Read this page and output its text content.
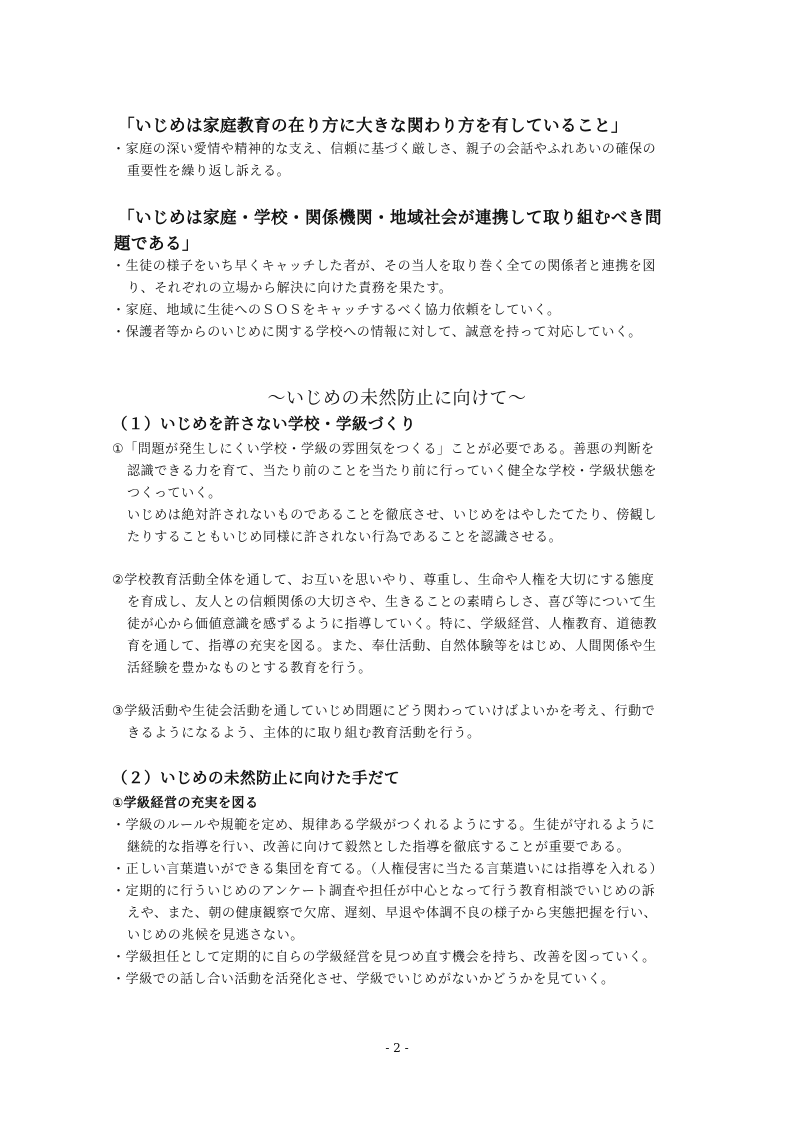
「いじめは家庭教育の在り方に大きな関わり方を有していること」
・家庭の深い愛情や精神的な支え、信頼に基づく厳しさ、親子の会話やふれあいの確保の
重要性を繰り返し訴える。
「いじめは家庭・学校・関係機関・地域社会が連携して取り組むべき問
題である」
・生徒の様子をいち早くキャッチした者が、その当人を取り巻く全ての関係者と連携を図
り、それぞれの立場から解決に向けた責務を果たす。
・家庭、地域に生徒へのＳＯＳをキャッチするべく協力依頼をしていく。
・保護者等からのいじめに関する学校への情報に対して、誠意を持って対応していく。
～いじめの未然防止に向けて～
（１）いじめを許さない学校・学級づくり
①「問題が発生しにくい学校・学級の雰囲気をつくる」ことが必要である。善悪の判断を
認識できる力を育て、当たり前のことを当たり前に行っていく健全な学校・学級状態を
つくっていく。
いじめは絶対許されないものであることを徹底させ、いじめをはやしたてたり、傍観し
たりすることもいじめ同様に許されない行為であることを認識させる。
②学校教育活動全体を通して、お互いを思いやり、尊重し、生命や人権を大切にする態度
を育成し、友人との信頼関係の大切さや、生きることの素晴らしさ、喜び等について生
徒が心から価値意識を感ずるように指導していく。特に、学級経営、人権教育、道徳教
育を通して、指導の充実を図る。また、奉仕活動、自然体験等をはじめ、人間関係や生
活経験を豊かなものとする教育を行う。
③学級活動や生徒会活動を通していじめ問題にどう関わっていけばよいかを考え、行動で
きるようになるよう、主体的に取り組む教育活動を行う。
（２）いじめの未然防止に向けた手だて
①学級経営の充実を図る
・学級のルールや規範を定め、規律ある学級がつくれるようにする。生徒が守れるように
継続的な指導を行い、改善に向けて毅然とした指導を徹底することが重要である。
・正しい言葉遣いができる集団を育てる。（人権侵害に当たる言葉遣いには指導を入れる）
・定期的に行ういじめのアンケート調査や担任が中心となって行う教育相談でいじめの訴
えや、また、朝の健康観察で欠席、遅刻、早退や体調不良の様子から実態把握を行い、
いじめの兆候を見逃さない。
・学級担任として定期的に自らの学級経営を見つめ直す機会を持ち、改善を図っていく。
・学級での話し合い活動を活発化させ、学級でいじめがないかどうかを見ていく。
- 2 -
